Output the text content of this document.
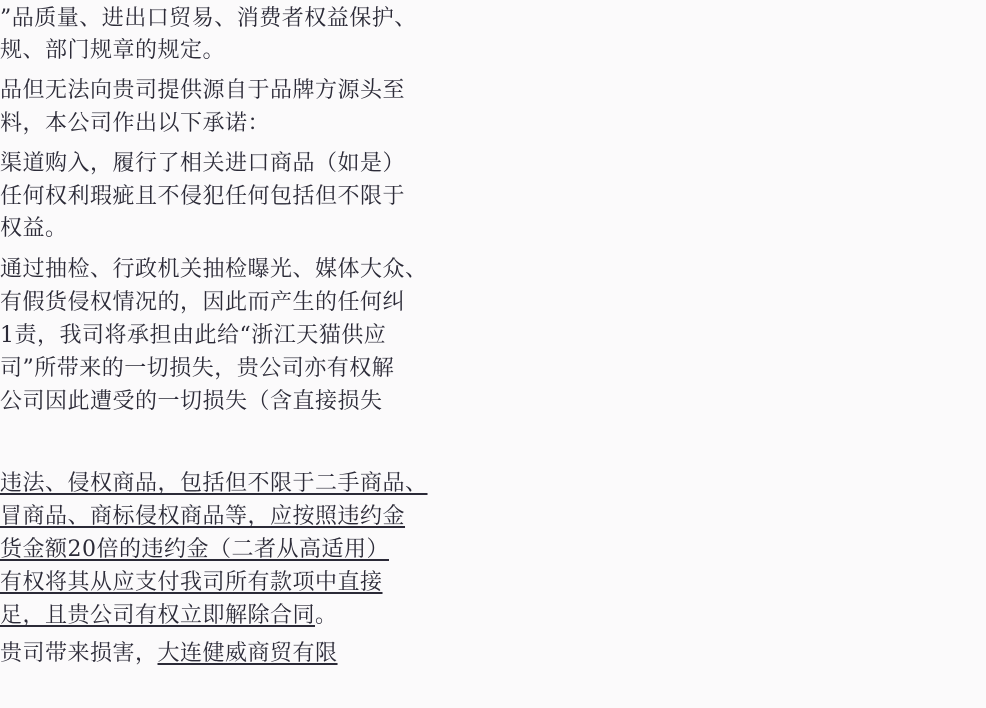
”品质量、进出口贸易、消费者权益保护、
规、部门规章的规定。
品但无法向贵司提供源自于品牌方源头至
料，本公司作出以下承诺：
渠道购入，履行了相关进口商品（如是）
任何权利瑕疵且不侵犯任何包括但不限于
权益。
通过抽检、行政机关抽检曝光、媒体大众、
有假货侵权情况的，因此而产生的任何纠
1责，我司将承担由此给“浙江天猫供应
司”所带来的一切损失，贵公司亦有权解
公司因此遭受的一切损失（含直接损失
违法、侵权商品，包括但不限于二手商品、
冒商品、商标侵权商品等，应按照违约金
货金额20倍的违约金（二者从高适用）
有权将其从应支付我司所有款项中直接
足，且贵公司有权立即解除合同。
贵司带来损害，大连健威商贸有限
